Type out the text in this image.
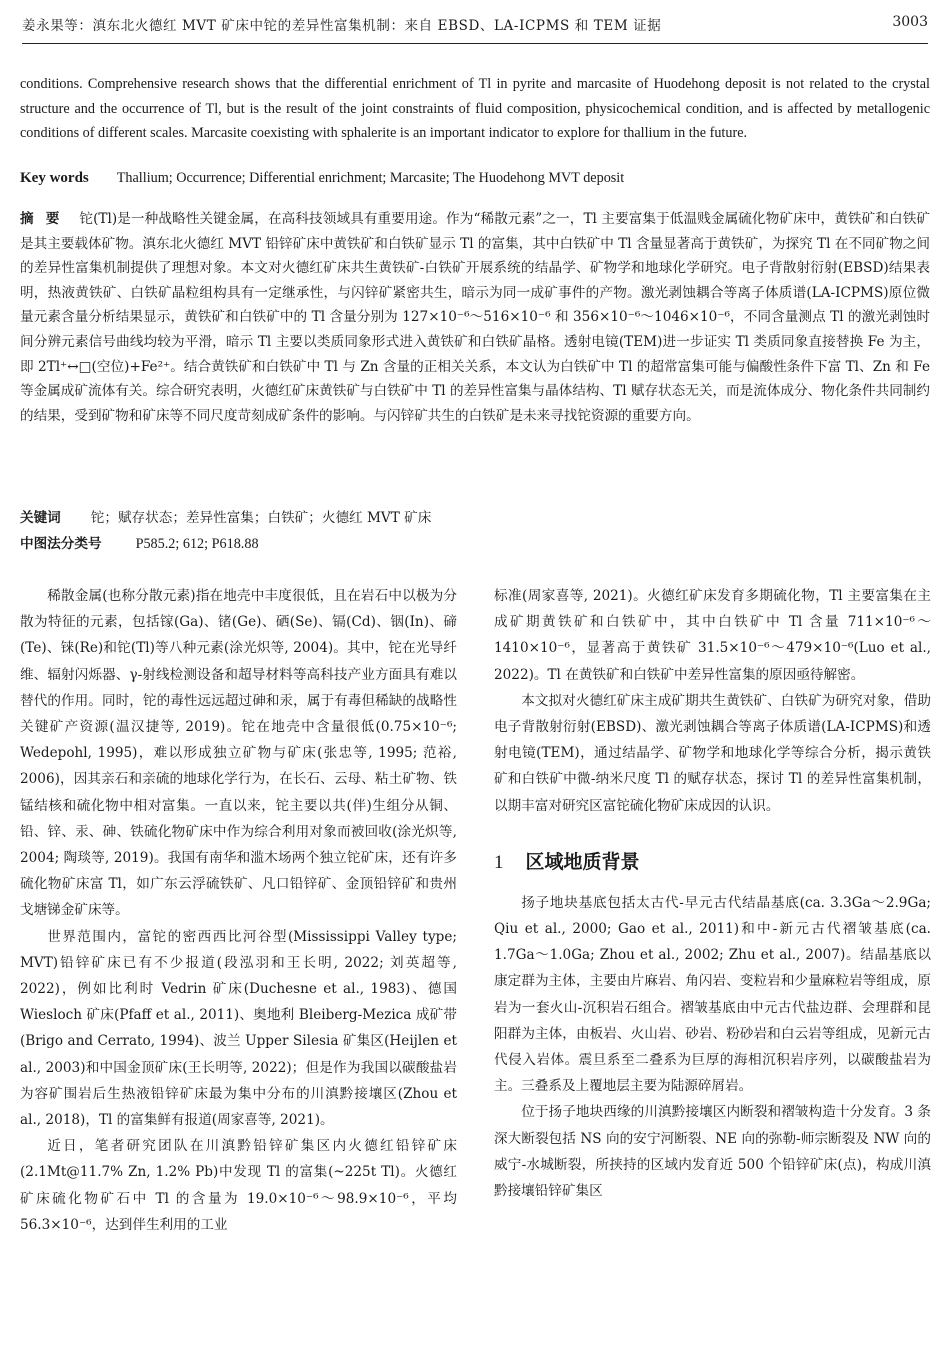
姜永果等：滇东北火德红 MVT 矿床中铊的差异性富集机制：来自 EBSD、LA-ICPMS 和 TEM 证据	3003
conditions. Comprehensive research shows that the differential enrichment of Tl in pyrite and marcasite of Huodehong deposit is not related to the crystal structure and the occurrence of Tl, but is the result of the joint constraints of fluid composition, physicochemical condition, and is affected by metallogenic conditions of different scales. Marcasite coexisting with sphalerite is an important indicator to explore for thallium in the future.
Key words Thallium; Occurrence; Differential enrichment; Marcasite; The Huodehong MVT deposit
摘要 铊(Tl)是一种战略性关键金属，在高科技领域具有重要用途。作为“稀散元素”之一，Tl 主要富集于低温贱金属硫化物矿床中，黄铁矿和白铁矿是其主要载体矿物。滇东北火德红 MVT 铅锌矿床中黄铁矿和白铁矿显示 Tl 的富集，其中白铁矿中 Tl 含量显著高于黄铁矿，为探究 Tl 在不同矿物之间的差异性富集机制提供了理想对象。本文对火德红矿床共生黄铁矿-白铁矿开展系统的结晶学、矿物学和地球化学研究。电子背散射衍射(EBSD)结果表明，热液黄铁矿、白铁矿晶粒组构具有一定继承性，与闪锌矿紧密共生，暗示为同一成矿事件的产物。激光剥蚀耦合等离子体质谱(LA-ICPMS)原位微量元素含量分析结果显示，黄铁矿和白铁矿中的 Tl 含量分别为 127×10⁻⁶～516×10⁻⁶ 和 356×10⁻⁶～1046×10⁻⁶，不同含量测点 Tl 的激光剥蚀时间分辨元素信号曲线均较为平滑，暗示 Tl 主要以类质同象形式进入黄铁矿和白铁矿晶格。透射电镜(TEM)进一步证实 Tl 类质同象直接替换 Fe 为主，即 2Tl⁺↔□(空位)+Fe²⁺。结合黄铁矿和白铁矿中 Tl 与 Zn 含量的正相关关系，本文认为白铁矿中 Tl 的超常富集可能与偏酸性条件下富 Tl、Zn 和 Fe 等金属成矿流体有关。综合研究表明，火德红矿床黄铁矿与白铁矿中 Tl 的差异性富集与晶体结构、Tl 赋存状态无关，而是流体成分、物化条件共同制约的结果，受到矿物和矿床等不同尺度苛刻成矿条件的影响。与闪锌矿共生的白铁矿是未来寻找铊资源的重要方向。
关键词 铊；赋存状态；差异性富集；白铁矿；火德红 MVT 矿床
中图法分类号 P585.2; 612; P618.88

稀散金属(也称分散元素)指在地壳中丰度很低，且在岩石中以极为分散为特征的元素，包括镓(Ga)、锗(Ge)、硒(Se)、镉(Cd)、铟(In)、碲(Te)、铼(Re)和铊(Tl)等八种元素(涂光炽等, 2004)。其中，铊在光导纤维、辐射闪烁器、γ-射线检测设备和超导材料等高科技产业方面具有难以替代的作用。同时，铊的毒性远远超过砷和汞，属于有毒但稀缺的战略性关键矿产资源(温汉捷等, 2019)。铊在地壳中含量很低(0.75×10⁻⁶; Wedepohl, 1995)，难以形成独立矿物与矿床(张忠等, 1995; 范裕, 2006)，因其亲石和亲硫的地球化学行为，在长石、云母、粘土矿物、铁锰结核和硫化物中相对富集。一直以来，铊主要以共(伴)生组分从铜、铅、锌、汞、砷、铁硫化物矿床中作为综合利用对象而被回收(涂光炽等, 2004; 陶琰等, 2019)。我国有南华和滥木场两个独立铊矿床，还有许多硫化物矿床富 Tl，如广东云浮硫铁矿、凡口铅锌矿、金顶铅锌矿和贵州戈塘锑金矿床等。

世界范围内，富铊的密西西比河谷型(Mississippi Valley type; MVT)铅锌矿床已有不少报道(段泓羽和王长明, 2022; 刘英超等, 2022)，例如比利时 Vedrin 矿床(Duchesne et al., 1983)、德国 Wiesloch 矿床(Pfaff et al., 2011)、奥地利 Bleiberg-Mezica 成矿带(Brigo and Cerrato, 1994)、波兰 Upper Silesia 矿集区(Heijlen et al., 2003)和中国金顶矿床(王长明等, 2022)；但是作为我国以碳酸盐岩为容矿围岩后生热液铅锌矿床最为集中分布的川滇黔接壤区(Zhou et al., 2018)，Tl 的富集鲜有报道(周家喜等, 2021)。

近日，笔者研究团队在川滇黔铅锌矿集区内火德红铅锌矿床(2.1Mt@11.7% Zn, 1.2% Pb)中发现 Tl 的富集(~225t Tl)。火德红矿床硫化物矿石中 Tl 的含量为 19.0×10⁻⁶～98.9×10⁻⁶，平均 56.3×10⁻⁶，达到伴生利用的工业

标准(周家喜等, 2021)。火德红矿床发育多期硫化物，Tl 主要富集在主成矿期黄铁矿和白铁矿中，其中白铁矿中 Tl 含量 711×10⁻⁶～1410×10⁻⁶，显著高于黄铁矿 31.5×10⁻⁶～479×10⁻⁶(Luo et al., 2022)。Tl 在黄铁矿和白铁矿中差异性富集的原因亟待解密。

本文拟对火德红矿床主成矿期共生黄铁矿、白铁矿为研究对象，借助电子背散射衍射(EBSD)、激光剥蚀耦合等离子体质谱(LA-ICPMS)和透射电镜(TEM)，通过结晶学、矿物学和地球化学等综合分析，揭示黄铁矿和白铁矿中微-纳米尺度 Tl 的赋存状态，探讨 Tl 的差异性富集机制，以期丰富对研究区富铊硫化物矿床成因的认识。

1 区域地质背景

扬子地块基底包括太古代-早元古代结晶基底(ca. 3.3Ga～2.9Ga; Qiu et al., 2000; Gao et al., 2011)和中-新元古代褶皱基底(ca. 1.7Ga～1.0Ga; Zhou et al., 2002; Zhu et al., 2007)。结晶基底以康定群为主体，主要由片麻岩、角闪岩、变粒岩和少量麻粒岩等组成，原岩为一套火山-沉积岩石组合。褶皱基底由中元古代盐边群、会理群和昆阳群为主体，由板岩、火山岩、砂岩、粉砂岩和白云岩等组成，见新元古代侵入岩体。震旦系至二叠系为巨厚的海相沉积岩序列，以碳酸盐岩为主。三叠系及上覆地层主要为陆源碎屑岩。

位于扬子地块西缘的川滇黔接壤区内断裂和褶皱构造十分发育。3 条深大断裂包括 NS 向的安宁河断裂、NE 向的弥勒-师宗断裂及 NW 向的威宁-水城断裂，所挟持的区域内发育近 500 个铅锌矿床(点)，构成川滇黔接壤铅锌矿集区
